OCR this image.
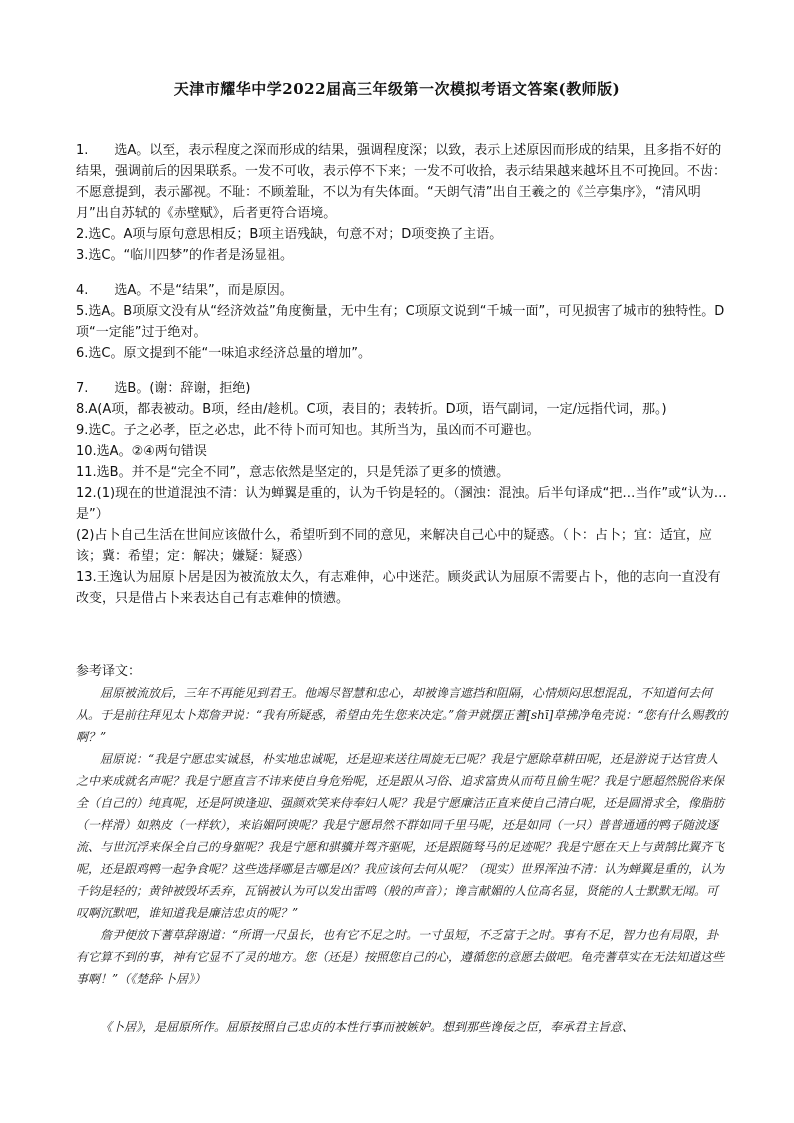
天津市耀华中学2022届高三年级第一次模拟考语文答案(教师版)

1.　　选A。以至，表示程度之深而形成的结果，强调程度深；以致，表示上述原因而形成的结果，且多指不好的结果，强调前后的因果联系。一发不可收，表示停不下来；一发不可收拾，表示结果越来越坏且不可挽回。不齿：不愿意提到，表示鄙视。不耻：不顾羞耻，不以为有失体面。“天朗气清”出自王羲之的《兰亭集序》，“清风明月”出自苏轼的《赤壁赋》，后者更符合语境。

2.选C。A项与原句意思相反；B项主语残缺，句意不对；D项变换了主语。

3.选C。“临川四梦”的作者是汤显祖。

4.　　选A。不是“结果”，而是原因。

5.选A。B项原文没有从“经济效益”角度衡量，无中生有；C项原文说到“千城一面”，可见损害了城市的独特性。D项“一定能”过于绝对。

6.选C。原文提到不能“一味追求经济总量的增加”。

7.　　选B。(谢：辞谢，拒绝)

8.A(A项，都表被动。B项，经由/趁机。C项，表目的；表转折。D项，语气副词，一定/远指代词，那。)

9.选C。子之必孝，臣之必忠，此不待卜而可知也。其所当为，虽凶而不可避也。

10.选A。②④两句错误

11.选B。并不是“完全不同”，意志依然是坚定的，只是凭添了更多的愤懑。

12.(1)现在的世道混浊不清：认为蝉翼是重的，认为千钧是轻的。（溷浊：混浊。后半句译成“把…当作”或“认为…是”）

(2)占卜自己生活在世间应该做什么，希望听到不同的意见，来解决自己心中的疑惑。（卜：占卜；宜：适宜，应该；冀：希望；定：解决；嫌疑：疑惑）

13.王逸认为屈原卜居是因为被流放太久，有志难伸，心中迷茫。顾炎武认为屈原不需要占卜，他的志向一直没有改变，只是借占卜来表达自己有志难伸的愤懑。

参考译文：

屈原被流放后，三年不再能见到君王。他竭尽智慧和忠心，却被谗言遮挡和阻隔，心情烦闷思想混乱，不知道何去何从。于是前往拜见太卜郑詹尹说：“我有所疑惑，希望由先生您来决定。”詹尹就摆正蓍[shī]草拂净龟壳说：“您有什么赐教的啊？”

屈原说：“我是宁愿忠实诚恳，朴实地忠诚呢，还是迎来送往周旋无已呢？我是宁愿除草耕田呢，还是游说于达官贵人之中来成就名声呢？我是宁愿直言不讳来使自身危殆呢，还是跟从习俗、追求富贵从而苟且偷生呢？我是宁愿超然脱俗来保全（自己的）纯真呢，还是阿谀逢迎、强颜欢笑来侍奉妇人呢？我是宁愿廉洁正直来使自己清白呢，还是圆滑求全，像脂肪（一样滑）如熟皮（一样软），来谄媚阿谀呢？我是宁愿昂然不群如同千里马呢，还是如同（一只）普普通通的鸭子随波逐流、与世沉浮来保全自己的身躯呢？我是宁愿和骐骥并驾齐驱呢，还是跟随驽马的足迹呢？我是宁愿在天上与黄鹄比翼齐飞呢，还是跟鸡鸭一起争食呢？这些选择哪是吉哪是凶？我应该何去何从呢？（现实）世界浑浊不清：认为蝉翼是重的，认为千钧是轻的；黄钟被毁坏丢弃，瓦锅被认为可以发出雷鸣（般的声音）；谗言献媚的人位高名显，贤能的人士默默无闻。可叹啊沉默吧，谁知道我是廉洁忠贞的呢？”

詹尹便放下蓍草辞谢道：“所谓一尺虽长，也有它不足之时。一寸虽短，不乏富于之时。事有不足，智力也有局限，卦有它算不到的事，神有它显不了灵的地方。您（还是）按照您自己的心，遵循您的意愿去做吧。龟壳蓍草实在无法知道这些事啊！”（《楚辞·卜居》）

《卜居》，是屈原所作。屈原按照自己忠贞的本性行事而被嫉妒。想到那些谗佞之臣，奉承君主旨意、
